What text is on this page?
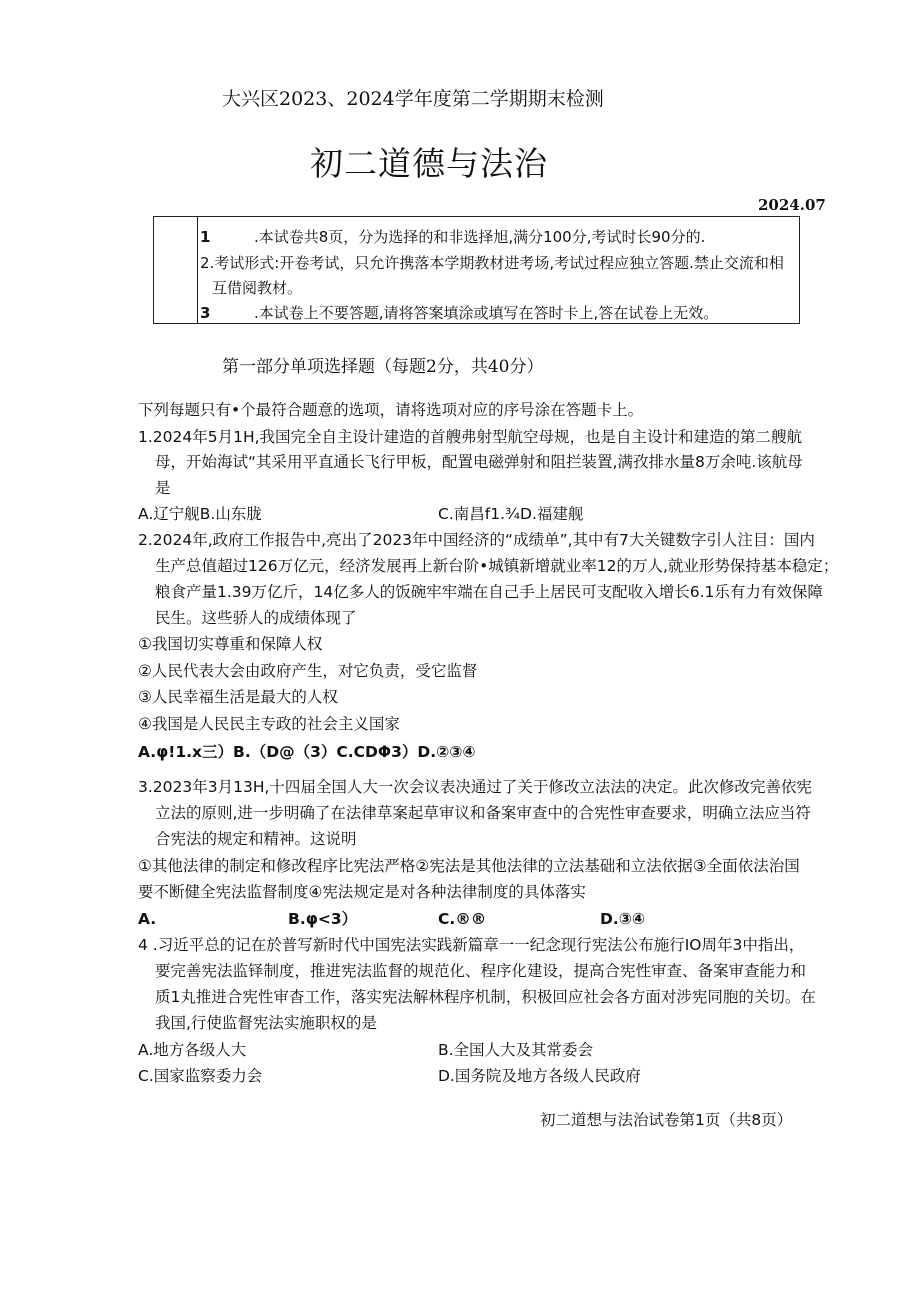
大兴区2023、2024学年度第二学期期末检测
初二道德与法治
2024.07
1	.本试卷共8页，分为选择的和非选择旭,满分100分,考试时长90分的.
2.考试形式:开卷考试，只允许携落本学期教材进考场,考试过程应独立答题.禁止交流和相
互借阅教材。
3	.本试卷上不要答题,请将答案填涂或填写在答时卡上,答在试卷上无效。
第一部分单项选择题（每题2分，共40分）
下列每题只有•个最符合题意的选项，请将选项对应的序号涂在答题卡上。
1.2024年5月1H,我国完全自主设计建造的首艘弗射型航空母规，也是自主设计和建造的第二艘航
母，开始海试“其采用平直通长飞行甲板，配置电磁弹射和阻拦装置,满孜排水量8万余吨.该航母
是
A.辽宁舰B.山东胧	C.南昌f1.¾D.福建舰
2.2024年,政府工作报告中,亮出了2023年中国经济的“成绩单”,其中有7大关键数字引人注目：国内
生产总值超过126万亿元，经济发展再上新台阶•城镇新增就业率12的万人,就业形势保持基本稳定；
粮食产量1.39万亿斤，14亿多人的饭碗牢牢端在自己手上居民可支配收入增长6.1乐有力有效保障
民生。这些骄人的成绩体现了
①我国切实尊重和保障人权
②人民代表大会由政府产生，对它负责，受它监督
③人民幸福生活是最大的人权
④我国是人民民主专政的社会主义国家
A.φ!1.x三）B.（D@（3）C.CDΦ3）D.②③④
3.2023年3月13H,十四届全国人大一次会议表决通过了关于修改立法法的决定。此次修改完善依宪
立法的原则,进一步明确了在法律草案起草审议和备案审查中的合宪性审查要求，明确立法应当符
合宪法的规定和精神。这说明
①其他法律的制定和修改程序比宪法严格②宪法是其他法律的立法基础和立法依据③全面依法治国
要不断健全宪法监督制度④宪法规定是对各种法律制度的具体落实
A.	B.φ<3）	C.®®	D.③④
4 .习近平总的记在於普写新时代中国宪法实践新篇章一一纪念现行宪法公布施行IO周年3中指出，
要完善宪法监铎制度，推进宪法监督的规范化、程序化建设，提高合宪性审查、备案审查能力和
质1丸推进合宪性审杳工作，落实宪法解林程序机制，积极回应社会各方面对涉宪同胞的关切。在
我国,行使监督宪法实施职权的是
A.地方各级人大	B.全国人大及其常委会
C.国家监察委力会	D.国务院及地方各级人民政府
初二道想与法治试卷第1页（共8页）
